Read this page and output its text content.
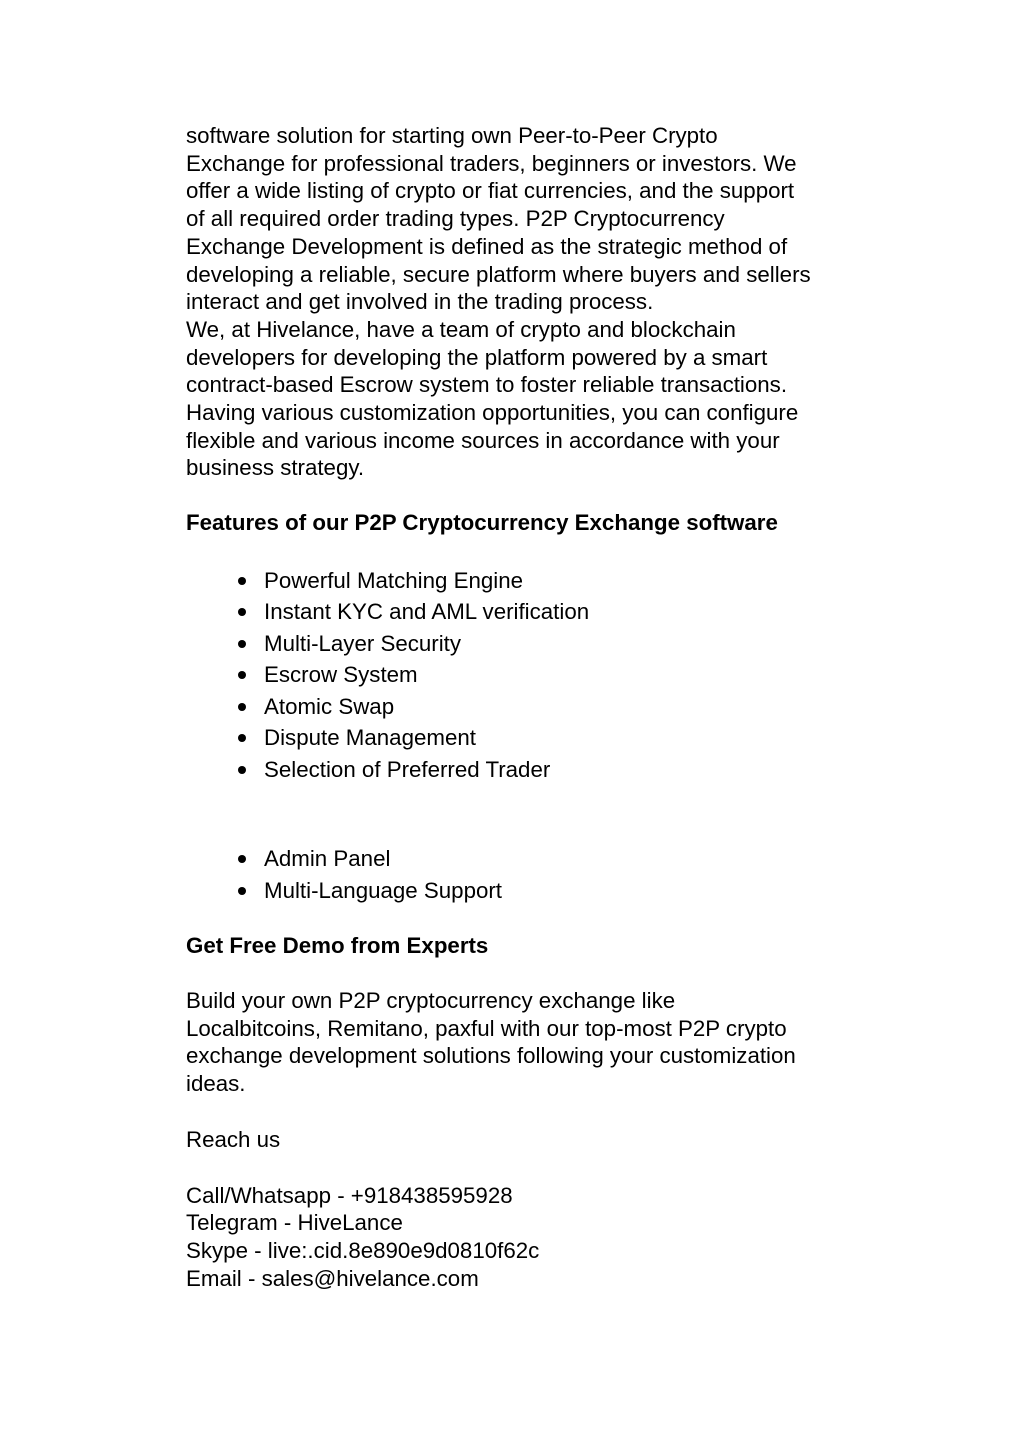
software solution for starting own Peer-to-Peer Crypto
Exchange for professional traders, beginners or investors. We
offer a wide listing of crypto or fiat currencies, and the support
of all required order trading types. P2P Cryptocurrency
Exchange Development is defined as the strategic method of
developing a reliable, secure platform where buyers and sellers
interact and get involved in the trading process.
We, at Hivelance, have a team of crypto and blockchain
developers for developing the platform powered by a smart
contract-based Escrow system to foster reliable transactions.
Having various customization opportunities, you can configure
flexible and various income sources in accordance with your
business strategy.
Features of our P2P Cryptocurrency Exchange software
Powerful Matching Engine
Instant KYC and AML verification
Multi-Layer Security
Escrow System
Atomic Swap
Dispute Management
Selection of Preferred Trader
Admin Panel
Multi-Language Support
Get Free Demo from Experts
Build your own P2P cryptocurrency exchange like
Localbitcoins, Remitano, paxful with our top-most P2P crypto
exchange development solutions following your customization
ideas.
Reach us
Call/Whatsapp - +918438595928
Telegram - HiveLance
Skype - live:.cid.8e890e9d0810f62c
Email - sales@hivelance.com
